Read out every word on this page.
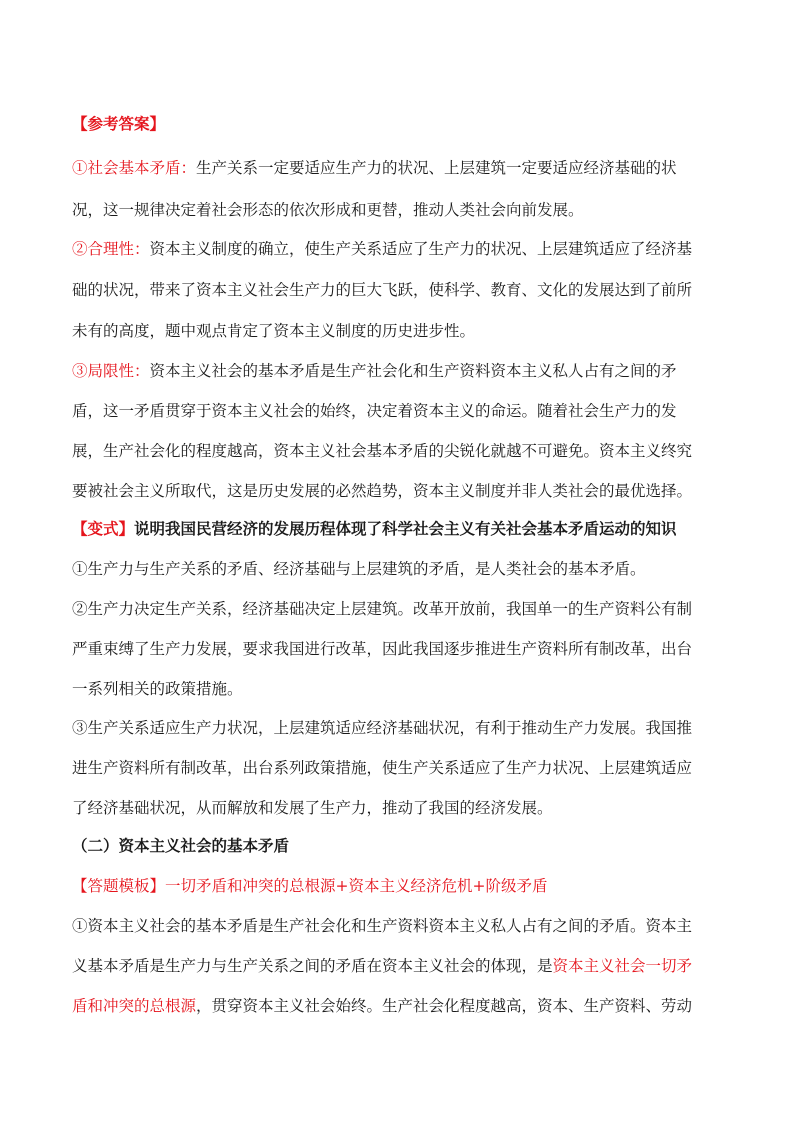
【参考答案】
①社会基本矛盾：生产关系一定要适应生产力的状况、上层建筑一定要适应经济基础的状
况，这一规律决定着社会形态的依次形成和更替，推动人类社会向前发展。
②合理性：资本主义制度的确立，使生产关系适应了生产力的状况、上层建筑适应了经济基
础的状况，带来了资本主义社会生产力的巨大飞跃，使科学、教育、文化的发展达到了前所
未有的高度，题中观点肯定了资本主义制度的历史进步性。
③局限性：资本主义社会的基本矛盾是生产社会化和生产资料资本主义私人占有之间的矛
盾，这一矛盾贯穿于资本主义社会的始终，决定着资本主义的命运。随着社会生产力的发
展，生产社会化的程度越高，资本主义社会基本矛盾的尖锐化就越不可避免。资本主义终究
要被社会主义所取代，这是历史发展的必然趋势，资本主义制度并非人类社会的最优选择。
【变式】说明我国民营经济的发展历程体现了科学社会主义有关社会基本矛盾运动的知识
①生产力与生产关系的矛盾、经济基础与上层建筑的矛盾，是人类社会的基本矛盾。
②生产力决定生产关系，经济基础决定上层建筑。改革开放前，我国单一的生产资料公有制
严重束缚了生产力发展，要求我国进行改革，因此我国逐步推进生产资料所有制改革，出台
一系列相关的政策措施。
③生产关系适应生产力状况，上层建筑适应经济基础状况，有利于推动生产力发展。我国推
进生产资料所有制改革，出台系列政策措施，使生产关系适应了生产力状况、上层建筑适应
了经济基础状况，从而解放和发展了生产力，推动了我国的经济发展。
（二）资本主义社会的基本矛盾
【答题模板】一切矛盾和冲突的总根源+资本主义经济危机+阶级矛盾
①资本主义社会的基本矛盾是生产社会化和生产资料资本主义私人占有之间的矛盾。资本主
义基本矛盾是生产力与生产关系之间的矛盾在资本主义社会的体现，是资本主义社会一切矛
盾和冲突的总根源，贯穿资本主义社会始终。生产社会化程度越高，资本、生产资料、劳动
